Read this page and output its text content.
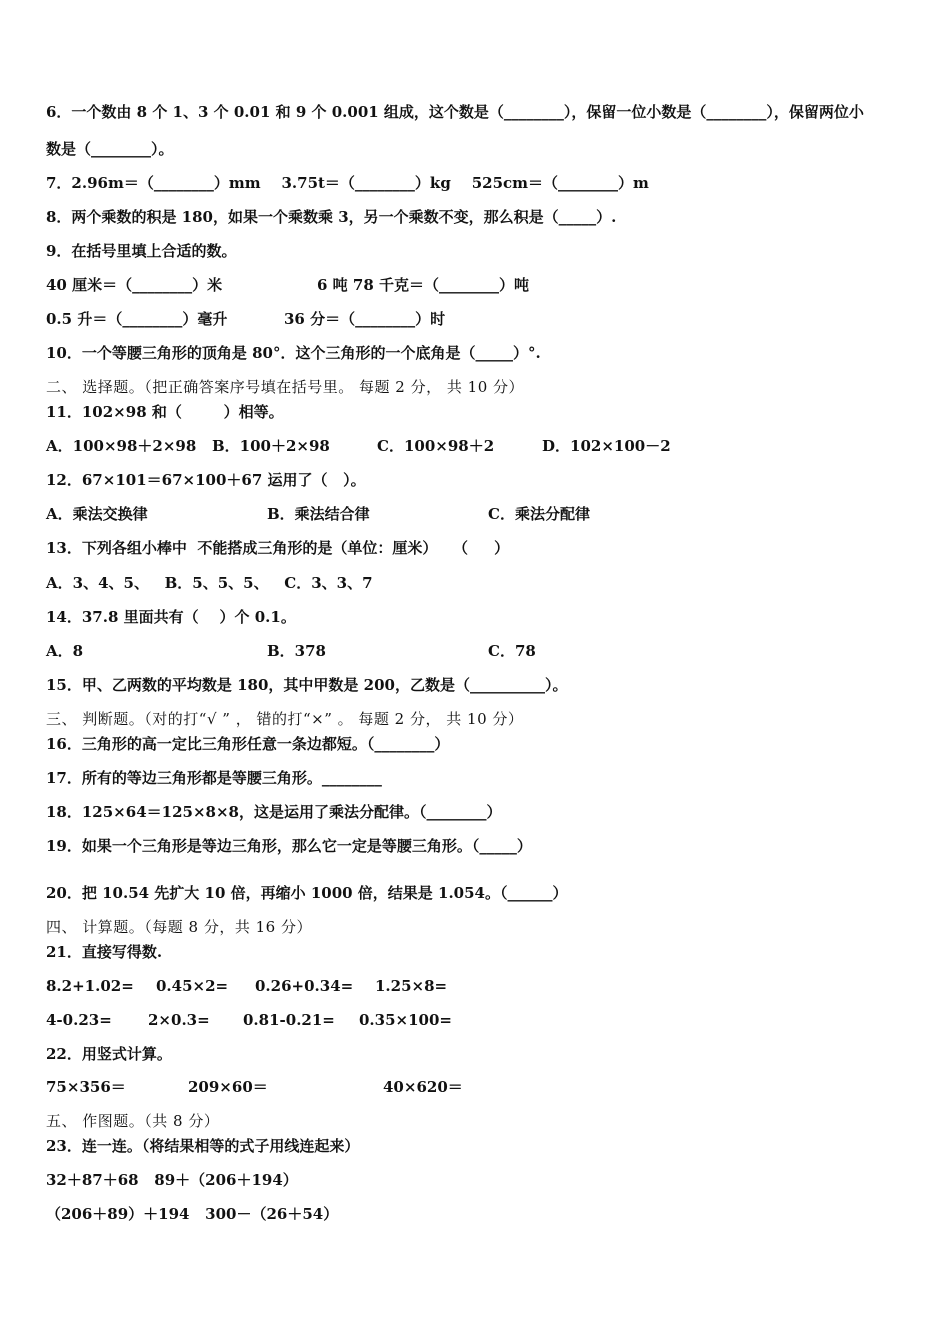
6．一个数由 8 个 1、3 个 0.01 和 9 个 0.001 组成，这个数是（________），保留一位小数是（________），保留两位小
数是（________）。
7．2.96m＝（________）mm    3.75t＝（________）kg    525cm＝（________）m
8．两个乘数的积是 180，如果一个乘数乘 3，另一个乘数不变，那么积是（_____）.
9．在括号里填上合适的数。
40 厘米＝（________）米	6 吨 78 千克＝（________）吨
0.5 升＝（________）毫升	36 分＝（________）时
10．一个等腰三角形的顶角是 80°．这个三角形的一个底角是（_____）°.
二、 选择题。（把正确答案序号填在括号里。 每题 2 分， 共 10 分）
11．102×98 和（        ）相等。
A．100×98＋2×98 B．100＋2×98	C．100×98＋2	D．102×100－2
12．67×101＝67×100＋67 运用了（   ）。
A．乘法交换律	B．乘法结合律	C．乘法分配律
13．下列各组小棒中  不能搭成三角形的是（单位：厘米）   （     ）
A．3、4、5、   B．5、5、5、   C．3、3、7
14．37.8 里面共有（    ）个 0.1。
A．8	B．378	C．78
15．甲、乙两数的平均数是 180，其中甲数是 200，乙数是（__________）。
三、 判断题。（对的打“√ ” ， 错的打“×” 。 每题 2 分， 共 10 分）
16．三角形的高一定比三角形任意一条边都短。（________）
17．所有的等边三角形都是等腰三角形。________
18．125×64＝125×8×8，这是运用了乘法分配律。（________）
19．如果一个三角形是等边三角形，那么它一定是等腰三角形。（_____）
20．把 10.54 先扩大 10 倍，再缩小 1000 倍，结果是 1.054。（______）
四、 计算题。（每题 8 分，共 16 分）
21．直接写得数.
8.2+1.02= 0.45×2= 0.26+0.34= 1.25×8=
4-0.23= 2×0.3= 0.81-0.21= 0.35×100=
22．用竖式计算。
75×356＝	209×60＝	40×620＝
五、 作图题。（共 8 分）
23．连一连。（将结果相等的式子用线连起来）
32＋87＋68   89＋（206＋194）
（206＋89）＋194   300－（26＋54）
